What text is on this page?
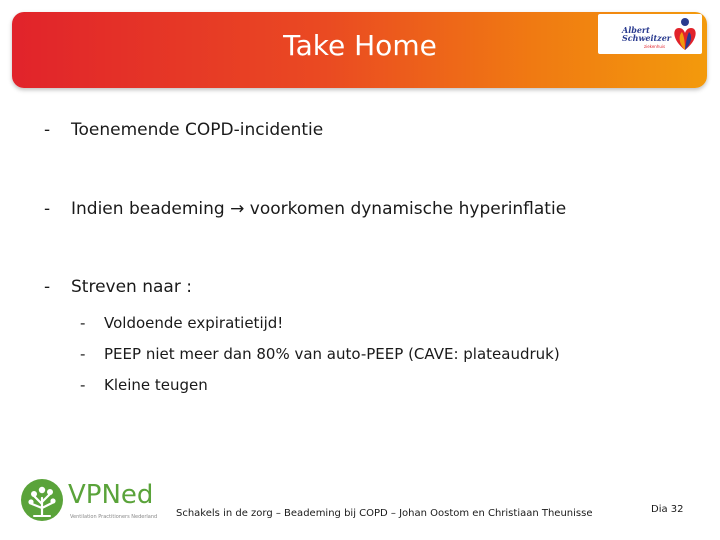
Take Home	Albert
Schweitzer
ziekenhuis
- Toenemende COPD-incidentie
- Indien beademing → voorkomen dynamische hyperinflatie
- Streven naar :
- Voldoende expiratietijd!
- PEEP niet meer dan 80% van auto-PEEP (CAVE: plateaudruk)
- Kleine teugen
VPNed
Ventilation Practitioners Nederland Schakels in de zorg – Beademing bij COPD – Johan Oostom en Christiaan Theunisse	Dia 32
